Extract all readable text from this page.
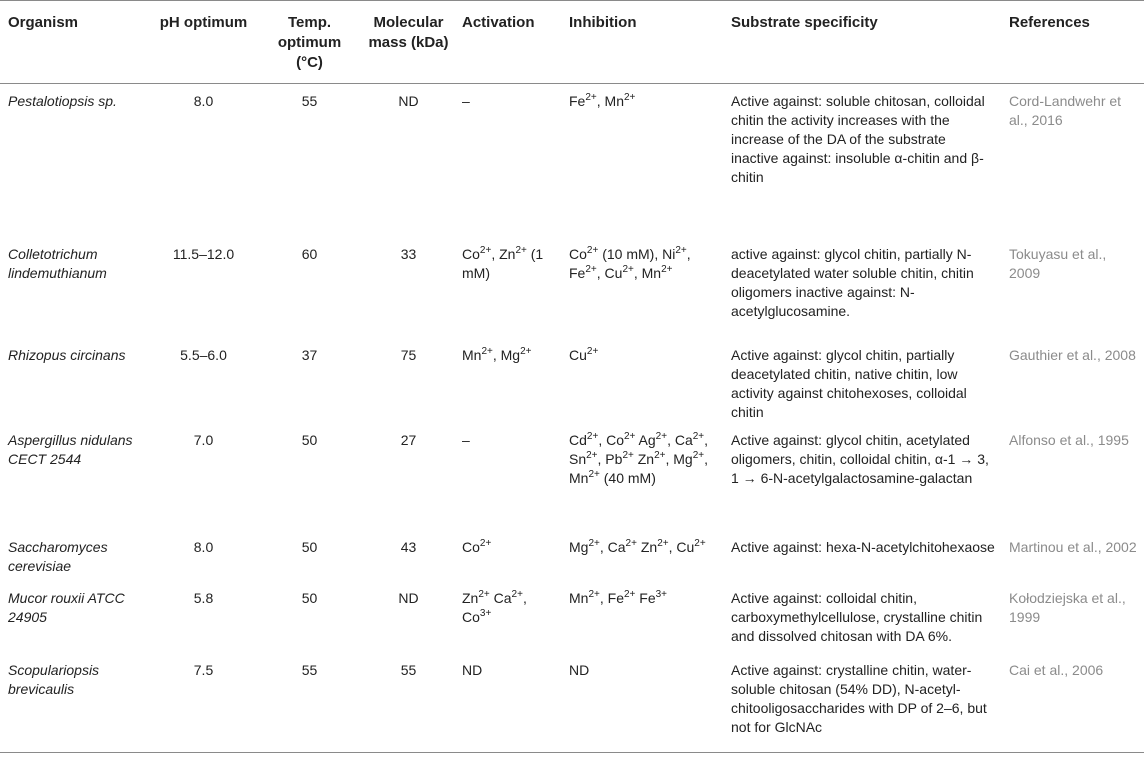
Organism	pH optimum	Temp. optimum (°C)	Molecular mass (kDa)	Activation	Inhibition	Substrate specificity	References
Pestalotiopsis sp.	8.0	55	ND	–	$Fe^{2+}$, $Mn^{2+}$	Active against: soluble chitosan, colloidal chitin the activity increases with the increase of the DA of the substrate inactive against: insoluble α-chitin and β-chitin	Cord-Landwehr et al., 2016
Colletotrichum lindemuthianum	11.5–12.0	60	33	$Co^{2+}$, $Zn^{2+}$ (1 mM)	$Co^{2+}$ (10 mM), $Ni^{2+}$, $Fe^{2+}$, $Cu^{2+}$, $Mn^{2+}$	active against: glycol chitin, partially N-deacetylated water soluble chitin, chitin oligomers inactive against: N-acetylglucosamine.	Tokuyasu et al., 2009
Rhizopus circinans	5.5–6.0	37	75	$Mn^{2+}$, $Mg^{2+}$	$Cu^{2+}$	Active against: glycol chitin, partially deacetylated chitin, native chitin, low activity against chitohexoses, colloidal chitin	Gauthier et al., 2008
Aspergillus nidulans CECT 2544	7.0	50	27	–	$Cd^{2+}$, $Co^{2+}$ $Ag^{2+}$, $Ca^{2+}$, $Sn^{2+}$, $Pb^{2+}$ $Zn^{2+}$, $Mg^{2+}$, $Mn^{2+}$ (40 mM)	Active against: glycol chitin, acetylated oligomers, chitin, colloidal chitin, α-1 → 3, 1 → 6-N-acetylgalactosamine-galactan	Alfonso et al., 1995
Saccharomyces cerevisiae	8.0	50	43	$Co^{2+}$	$Mg^{2+}$, $Ca^{2+}$ $Zn^{2+}$, $Cu^{2+}$	Active against: hexa-N-acetylchitohexaose	Martinou et al., 2002
Mucor rouxii ATCC 24905	5.8	50	ND	$Zn^{2+}$ $Ca^{2+}$, $Co^{3+}$	$Mn^{2+}$, $Fe^{2+}$ $Fe^{3+}$	Active against: colloidal chitin, carboxymethylcellulose, crystalline chitin and dissolved chitosan with DA 6%.	Kołodziejska et al., 1999
Scopulariopsis brevicaulis	7.5	55	55	ND	ND	Active against: crystalline chitin, water-soluble chitosan (54% DD), N-acetyl-chitooligosaccharides with DP of 2–6, but not for GlcNAc	Cai et al., 2006
